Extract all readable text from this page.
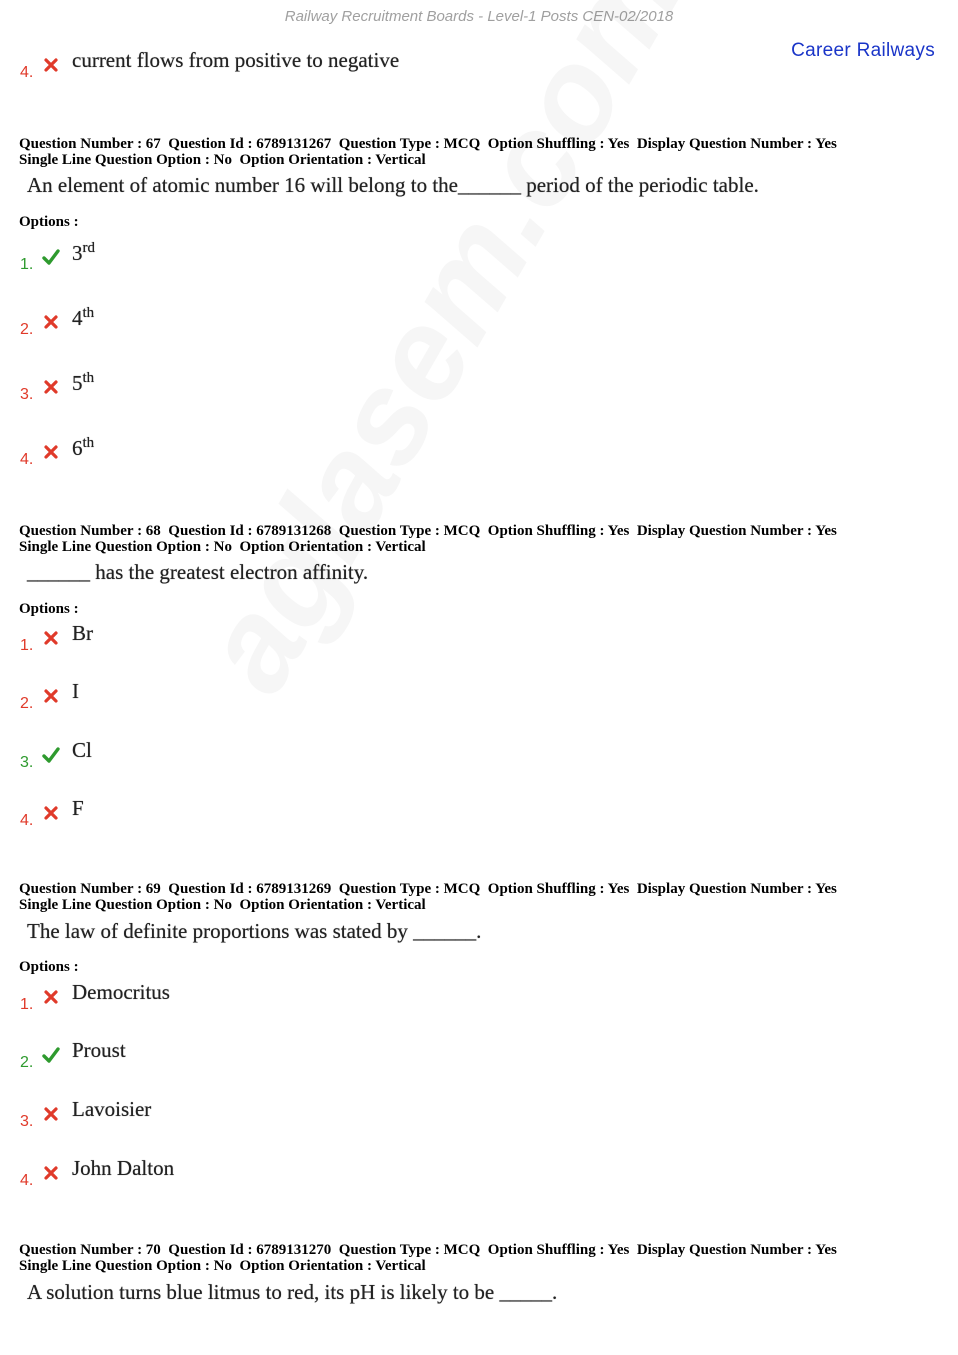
Railway Recruitment Boards - Level-1 Posts CEN-02/2018
Career Railways
4.
current flows from positive to negative
Question Number : 67  Question Id : 6789131267  Question Type : MCQ  Option Shuffling : Yes  Display Question Number : Yes
Single Line Question Option : No  Option Orientation : Vertical
An element of atomic number 16 will belong to the______ period of the periodic table.
Options :
1. 3rd
2. 4th
3. 5th
4. 6th
Question Number : 68  Question Id : 6789131268  Question Type : MCQ  Option Shuffling : Yes  Display Question Number : Yes
Single Line Question Option : No  Option Orientation : Vertical
______ has the greatest electron affinity.
Options :
1.
Br
2.
I
3.
Cl
4.
F
Question Number : 69  Question Id : 6789131269  Question Type : MCQ  Option Shuffling : Yes  Display Question Number : Yes
Single Line Question Option : No  Option Orientation : Vertical
The law of definite proportions was stated by ______.
Options :
1.
Democritus
2.
Proust
3.
Lavoisier
4.
John Dalton
Question Number : 70  Question Id : 6789131270  Question Type : MCQ  Option Shuffling : Yes  Display Question Number : Yes
Single Line Question Option : No  Option Orientation : Vertical
A solution turns blue litmus to red, its pH is likely to be _____.
